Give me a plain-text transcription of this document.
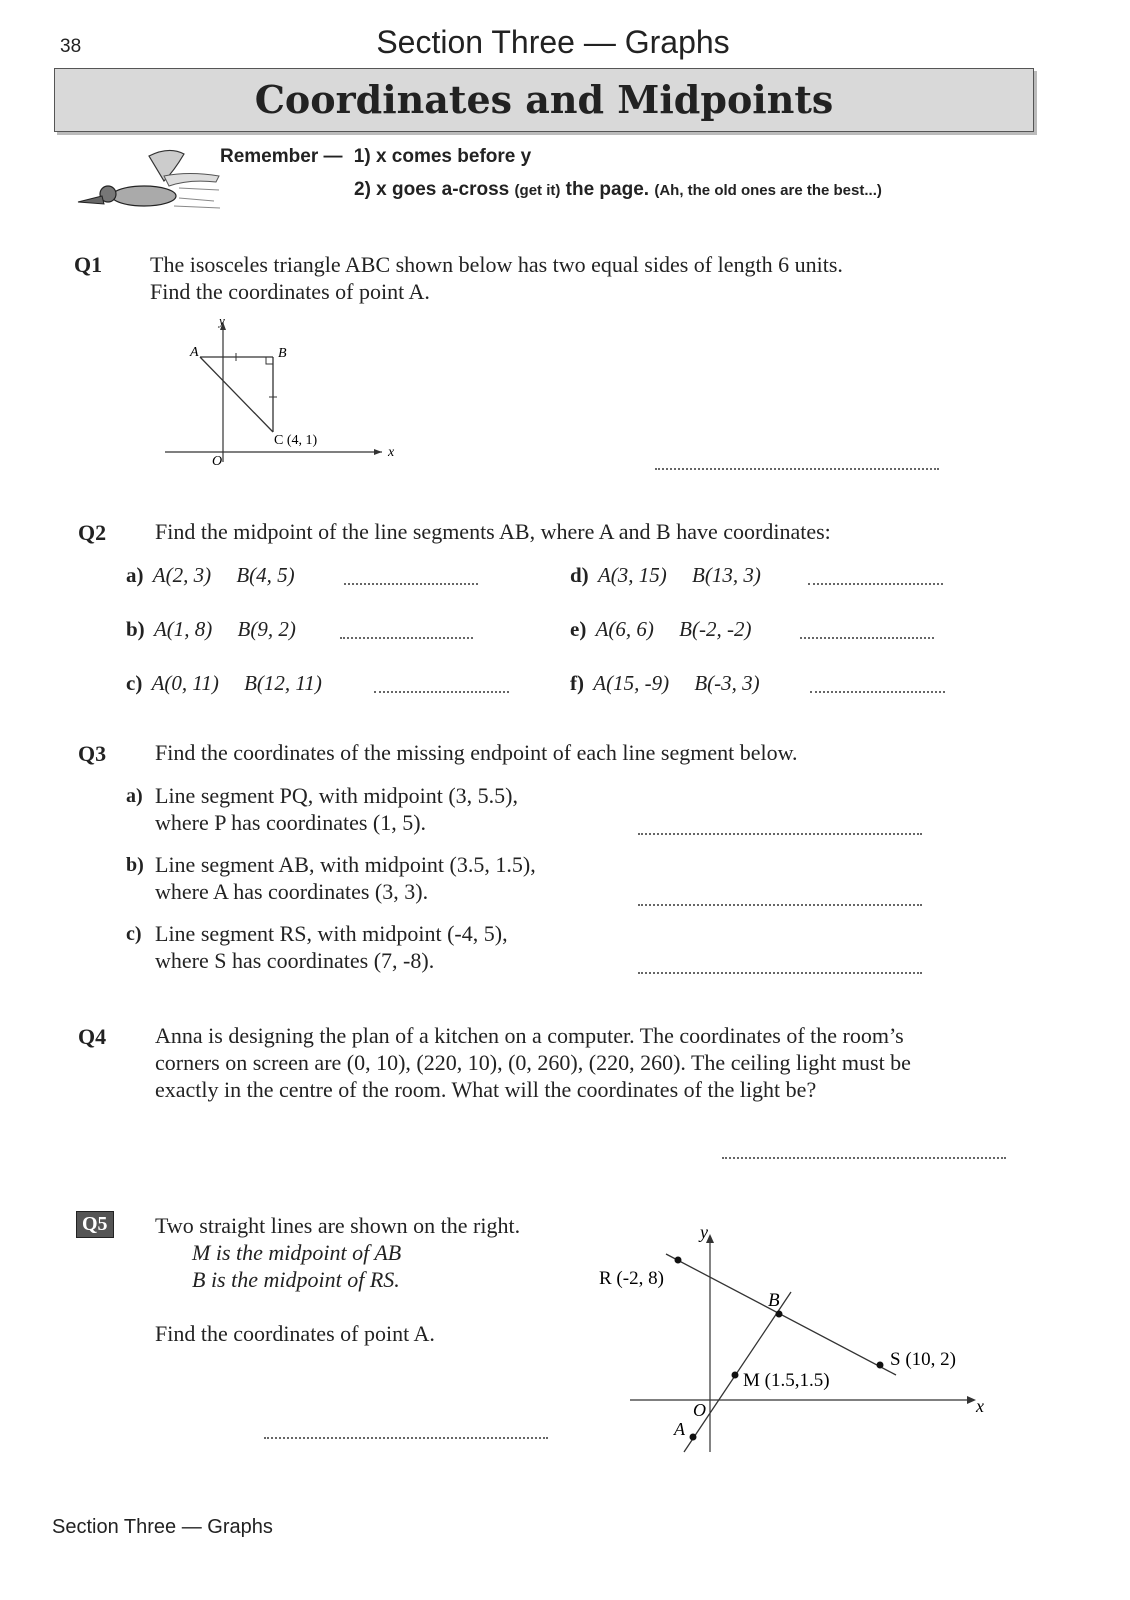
38	Section Three — Graphs
Coordinates and Midpoints
Remember — 1) x comes before y
2) x goes a-cross (get it) the page. (Ah, the old ones are the best...)
Q1 The isosceles triangle ABC shown below has two equal sides of length 6 units.
Find the coordinates of point A.
A	B
C (4, 1)
O
y
x
Q2 Find the midpoint of the line segments AB, where A and B have coordinates:
a) A(2, 3) B(4, 5)
b) A(1, 8) B(9, 2)
c) A(0, 11) B(12, 11)
d) A(3, 15) B(13, 3)
e) A(6, 6) B(-2, -2)
f) A(15, -9) B(-3, 3)
Q3 Find the coordinates of the missing endpoint of each line segment below.
a) Line segment PQ, with midpoint (3, 5.5),
where P has coordinates (1, 5).
b) Line segment AB, with midpoint (3.5, 1.5),
where A has coordinates (3, 3).
c) Line segment RS, with midpoint (-4, 5),
where S has coordinates (7, -8).
Q4 Anna is designing the plan of a kitchen on a computer. The coordinates of the room’s
corners on screen are (0, 10), (220, 10), (0, 260), (220, 260). The ceiling light must be
exactly in the centre of the room. What will the coordinates of the light be?
Q5 Two straight lines are shown on the right.
M is the midpoint of AB
B is the midpoint of RS.
Find the coordinates of point A.
R (-2, 8)
B
S (10, 2)
M (1.5,1.5)
O
A
y
x
Section Three — Graphs
